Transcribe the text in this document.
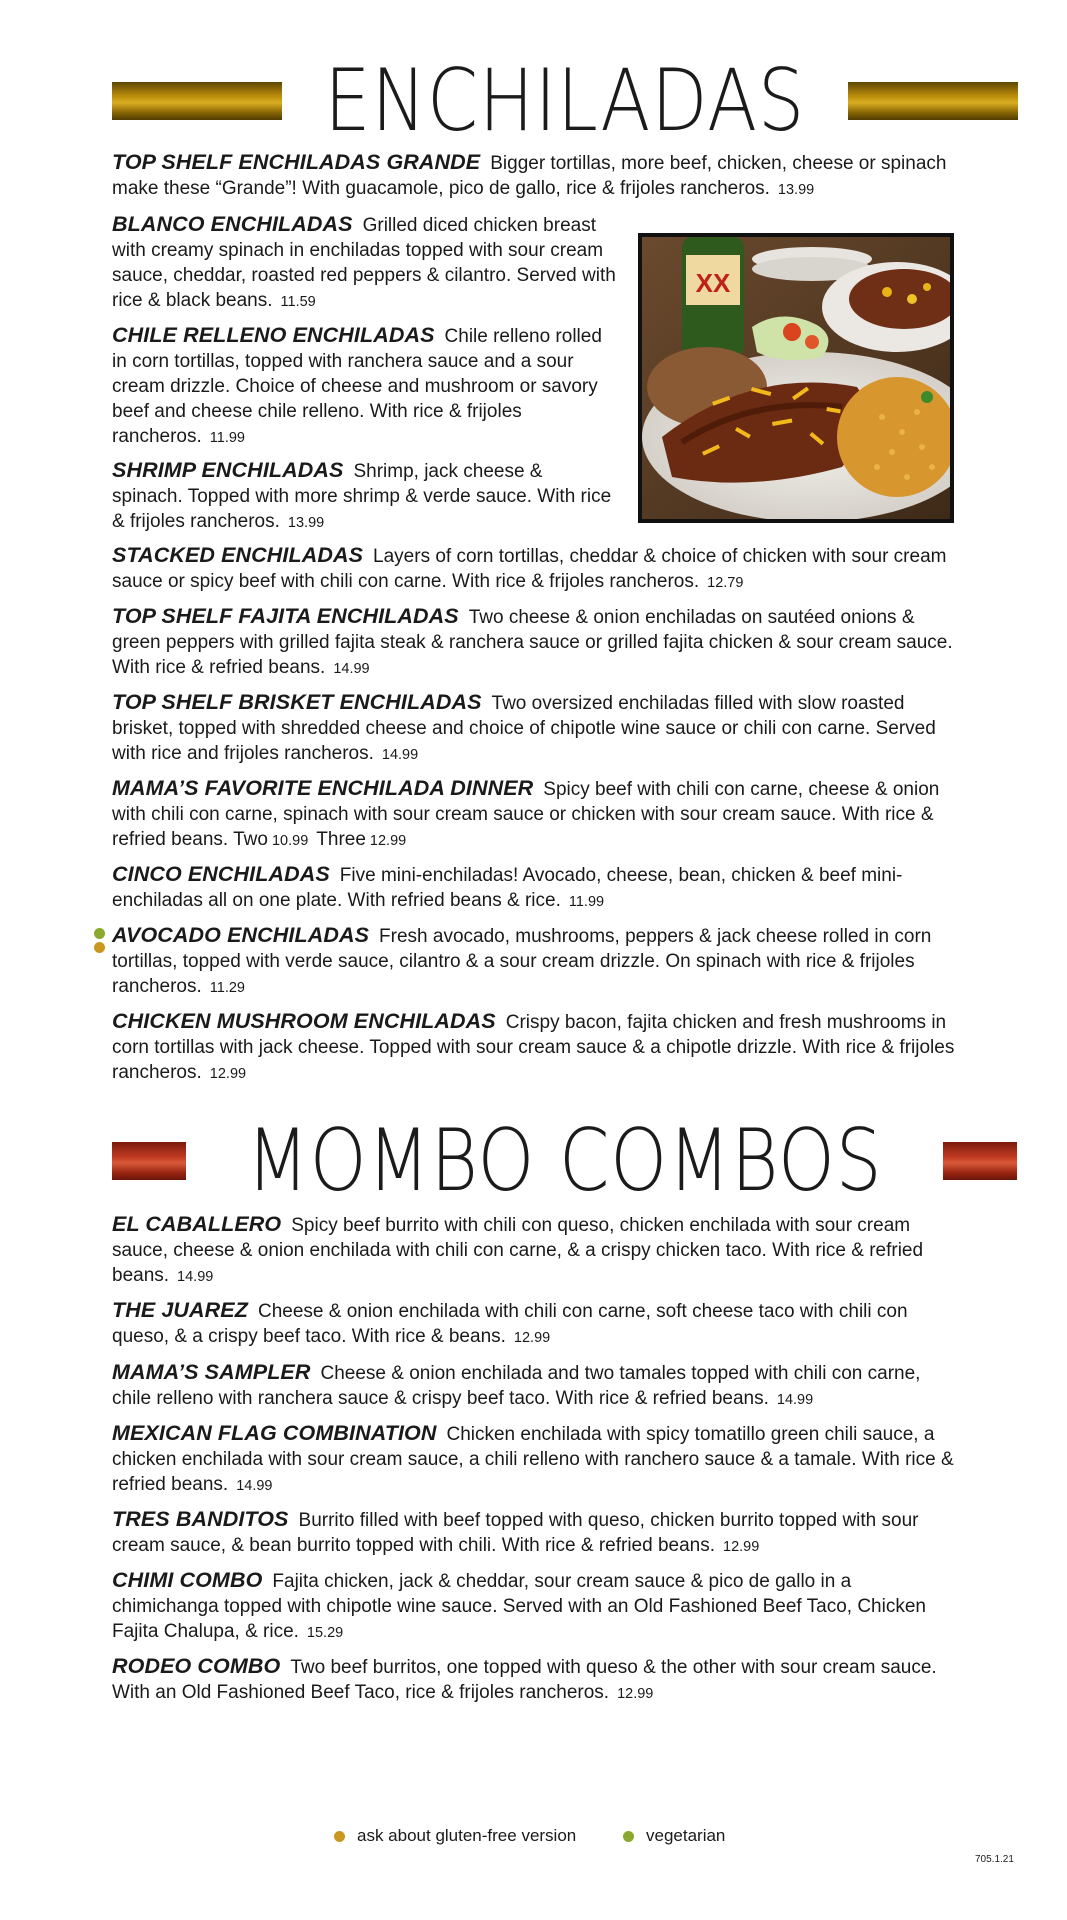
ENCHILADAS
TOP SHELF ENCHILADAS GRANDE Bigger tortillas, more beef, chicken, cheese or spinach make these “Grande”! With guacamole, pico de gallo, rice & frijoles rancheros. 13.99
BLANCO ENCHILADAS Grilled diced chicken breast with creamy spinach in enchiladas topped with sour cream sauce, cheddar, roasted red peppers & cilantro. Served with rice & black beans. 11.59
CHILE RELLENO ENCHILADAS Chile relleno rolled in corn tortillas, topped with ranchera sauce and a sour cream drizzle. Choice of cheese and mushroom or savory beef and cheese chile relleno. With rice & frijoles rancheros. 11.99
SHRIMP ENCHILADAS Shrimp, jack cheese & spinach. Topped with more shrimp & verde sauce. With rice & frijoles rancheros. 13.99
XX
STACKED ENCHILADAS Layers of corn tortillas, cheddar & choice of chicken with sour cream sauce or spicy beef with chili con carne. With rice & frijoles rancheros. 12.79
TOP SHELF FAJITA ENCHILADAS Two cheese & onion enchiladas on sautéed onions & green peppers with grilled fajita steak & ranchera sauce or grilled fajita chicken & sour cream sauce. With rice & refried beans. 14.99
TOP SHELF BRISKET ENCHILADAS Two oversized enchiladas filled with slow roasted brisket, topped with shredded cheese and choice of chipotle wine sauce or chili con carne. Served with rice and frijoles rancheros. 14.99
MAMA’S FAVORITE ENCHILADA DINNER Spicy beef with chili con carne, cheese & onion with chili con carne, spinach with sour cream sauce or chicken with sour cream sauce. With rice & refried beans. Two 10.99 Three 12.99
CINCO ENCHILADAS Five mini-enchiladas! Avocado, cheese, bean, chicken & beef mini-enchiladas all on one plate. With refried beans & rice. 11.99
AVOCADO ENCHILADAS Fresh avocado, mushrooms, peppers & jack cheese rolled in corn tortillas, topped with verde sauce, cilantro & a sour cream drizzle. On spinach with rice & frijoles rancheros. 11.29
CHICKEN MUSHROOM ENCHILADAS Crispy bacon, fajita chicken and fresh mushrooms in corn tortillas with jack cheese. Topped with sour cream sauce & a chipotle drizzle. With rice & frijoles rancheros. 12.99
MOMBO COMBOS
EL CABALLERO Spicy beef burrito with chili con queso, chicken enchilada with sour cream sauce, cheese & onion enchilada with chili con carne, & a crispy chicken taco. With rice & refried beans. 14.99
THE JUAREZ Cheese & onion enchilada with chili con carne, soft cheese taco with chili con queso, & a crispy beef taco. With rice & beans. 12.99
MAMA’S SAMPLER Cheese & onion enchilada and two tamales topped with chili con carne, chile relleno with ranchera sauce & crispy beef taco. With rice & refried beans. 14.99
MEXICAN FLAG COMBINATION Chicken enchilada with spicy tomatillo green chili sauce, a chicken enchilada with sour cream sauce, a chili relleno with ranchero sauce & a tamale. With rice & refried beans. 14.99
TRES BANDITOS Burrito filled with beef topped with queso, chicken burrito topped with sour cream sauce, & bean burrito topped with chili. With rice & refried beans. 12.99
CHIMI COMBO Fajita chicken, jack & cheddar, sour cream sauce & pico de gallo in a chimichanga topped with chipotle wine sauce. Served with an Old Fashioned Beef Taco, Chicken Fajita Chalupa, & rice. 15.29
RODEO COMBO Two beef burritos, one topped with queso & the other with sour cream sauce. With an Old Fashioned Beef Taco, rice & frijoles rancheros. 12.99
ask about gluten-free version	vegetarian
705.1.21
